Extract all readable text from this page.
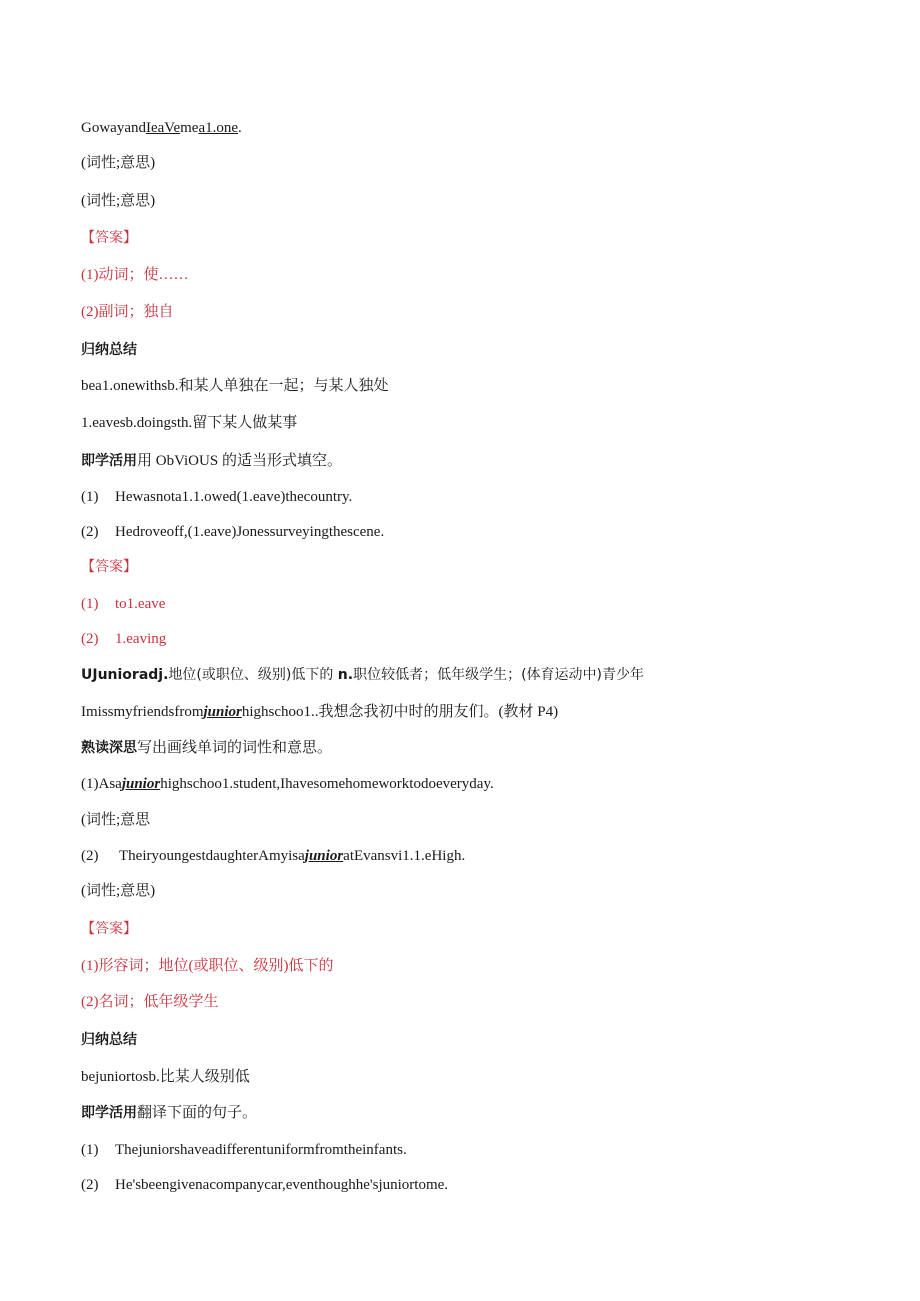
GowayandIeaVemea1.one.
(词性;意思)
(词性;意思)
【答案】
(1)动词；使……
(2)副词；独自
归纳总结
bea1.onewithsb.和某人单独在一起；与某人独处
1.eavesb.doingsth.留下某人做某事
即学活用用 ObViOUS 的适当形式填空。
(1) Hewasnota1.1.owed(1.eave)thecountry.
(2) Hedroveoff,(1.eave)Jonessurveyingthescene.
【答案】
(1) to1.eave
(2) 1.eaving
UJunioradj.地位(或职位、级别)低下的 n.职位较低者；低年级学生；(体育运动中)青少年
Imissmyfriendsfromjuniorhighschoo1..我想念我初中时的朋友们。(教材 P4)
熟读深思写出画线单词的词性和意思。
(1)Asajuniorhighschoo1.student,Ihavesomehomeworktodoeveryday.
(词性;意思
(2) TheiryoungestdaughterAmyisajunioratEvansvi1.1.eHigh.
(词性;意思)
【答案】
(1)形容词；地位(或职位、级别)低下的
(2)名词；低年级学生
归纳总结
bejuniortosb.比某人级别低
即学活用翻译下面的句子。
(1) Thejuniorshaveadifferentuniformfromtheinfants.
(2) He'sbeengivenacompanycar,eventhoughhe'sjuniortome.
